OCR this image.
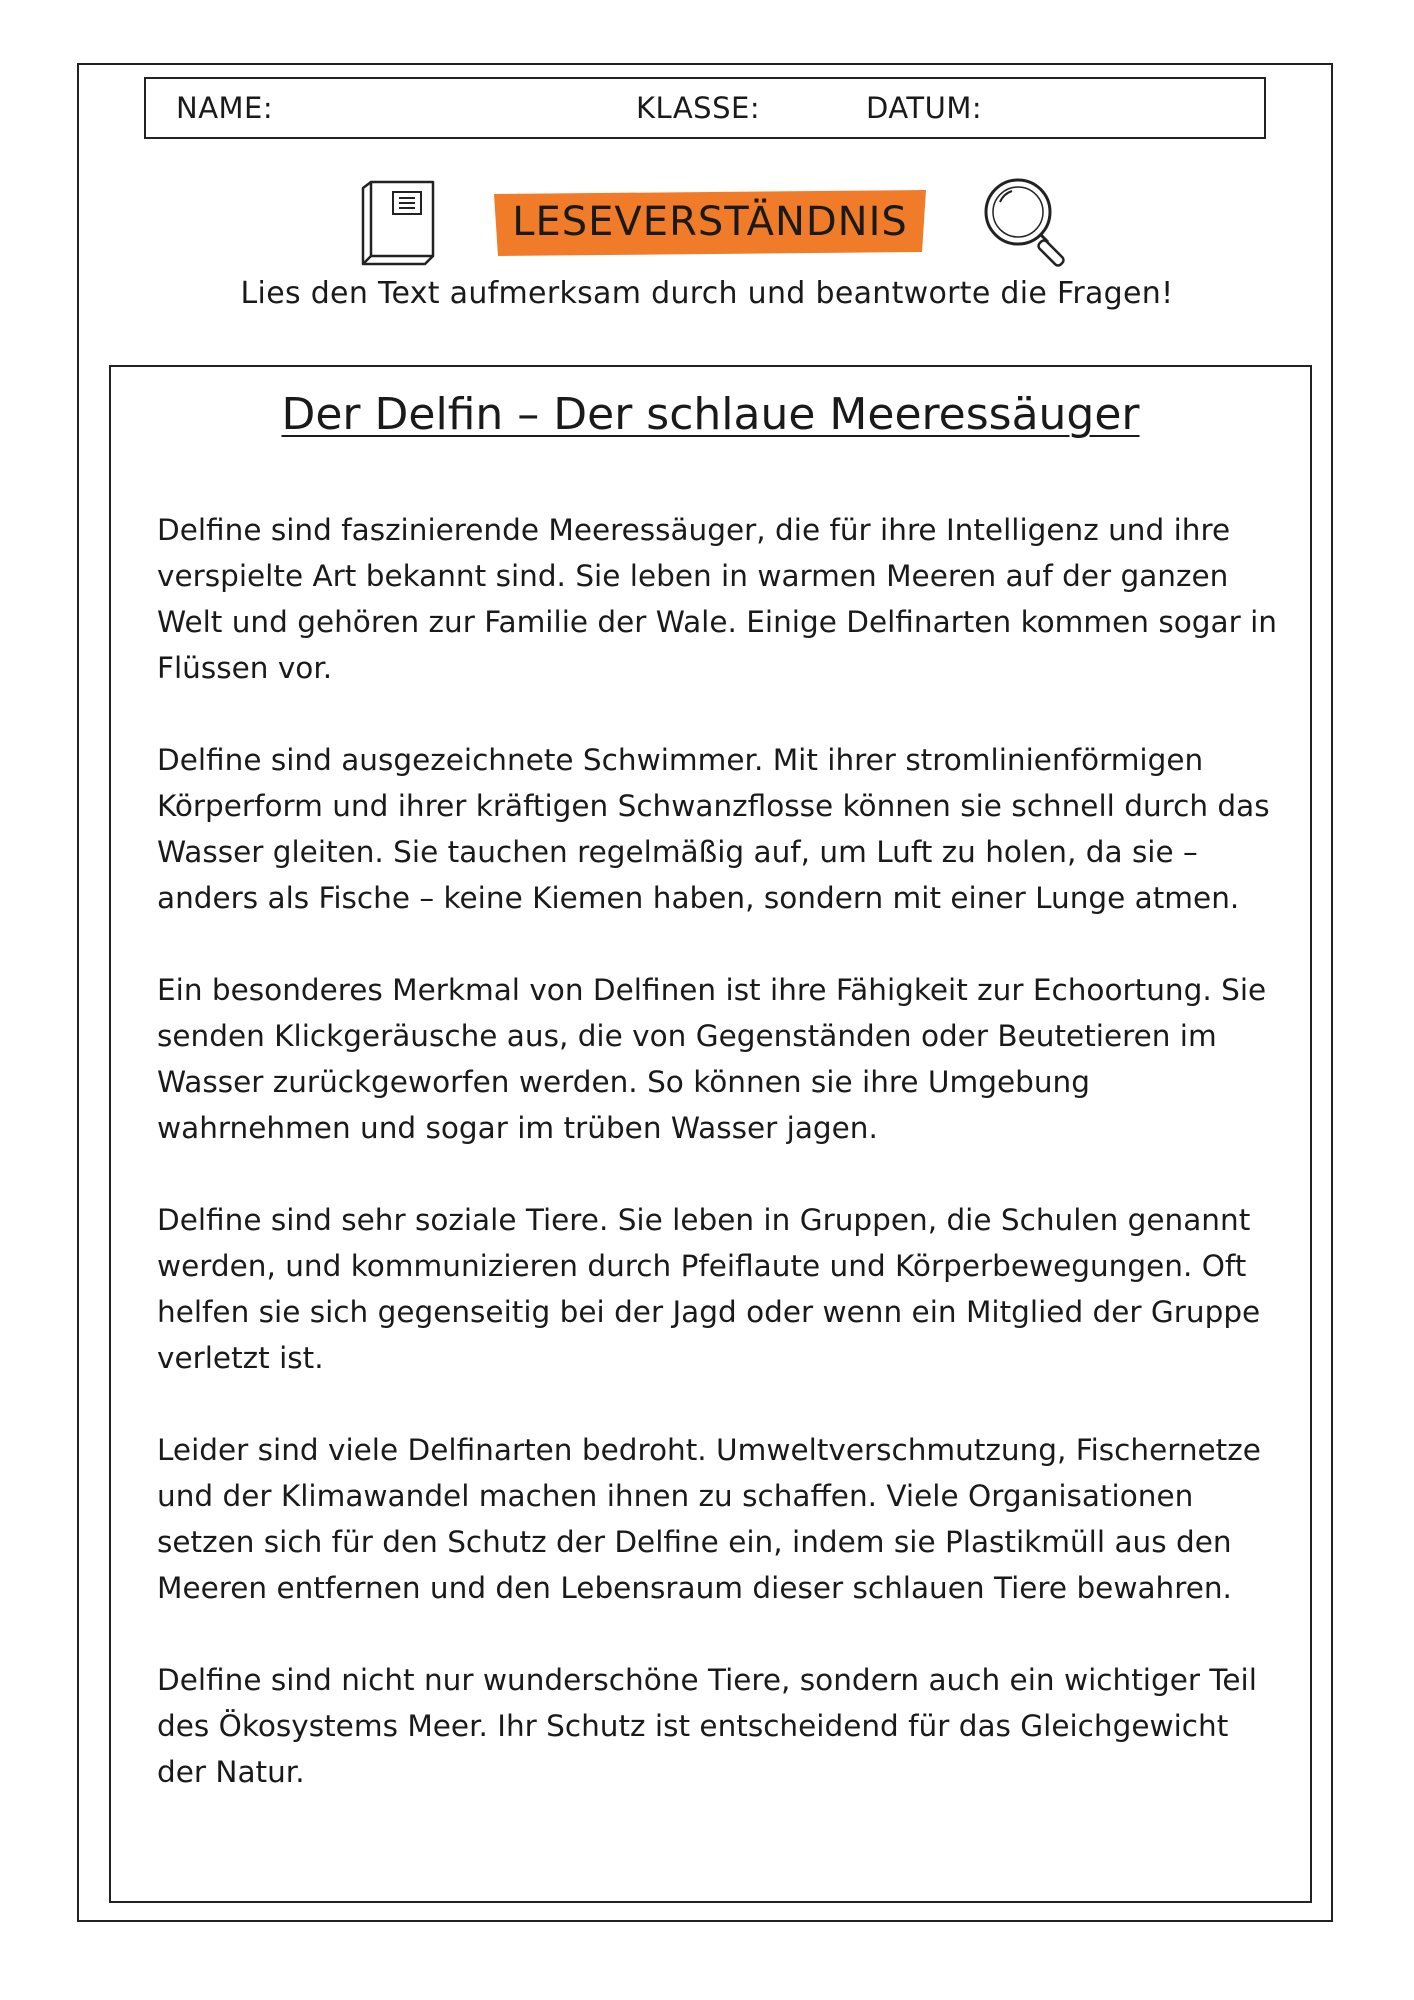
NAME:	KLASSE:	DATUM:
LESEVERSTÄNDNIS
Lies den Text aufmerksam durch und beantworte die Fragen!
Der Delfin – Der schlaue Meeressäuger

Delfine sind faszinierende Meeressäuger, die für ihre Intelligenz und ihre verspielte Art bekannt sind. Sie leben in warmen Meeren auf der ganzen Welt und gehören zur Familie der Wale. Einige Delfinarten kommen sogar in Flüssen vor.

Delfine sind ausgezeichnete Schwimmer. Mit ihrer stromlinienförmigen Körperform und ihrer kräftigen Schwanzflosse können sie schnell durch das Wasser gleiten. Sie tauchen regelmäßig auf, um Luft zu holen, da sie – anders als Fische – keine Kiemen haben, sondern mit einer Lunge atmen.

Ein besonderes Merkmal von Delfinen ist ihre Fähigkeit zur Echoortung. Sie senden Klickgeräusche aus, die von Gegenständen oder Beutetieren im Wasser zurückgeworfen werden. So können sie ihre Umgebung wahrnehmen und sogar im trüben Wasser jagen.

Delfine sind sehr soziale Tiere. Sie leben in Gruppen, die Schulen genannt werden, und kommunizieren durch Pfeiflaute und Körperbewegungen. Oft helfen sie sich gegenseitig bei der Jagd oder wenn ein Mitglied der Gruppe verletzt ist.

Leider sind viele Delfinarten bedroht. Umweltverschmutzung, Fischernetze und der Klimawandel machen ihnen zu schaffen. Viele Organisationen setzen sich für den Schutz der Delfine ein, indem sie Plastikmüll aus den Meeren entfernen und den Lebensraum dieser schlauen Tiere bewahren.

Delfine sind nicht nur wunderschöne Tiere, sondern auch ein wichtiger Teil des Ökosystems Meer. Ihr Schutz ist entscheidend für das Gleichgewicht der Natur.
